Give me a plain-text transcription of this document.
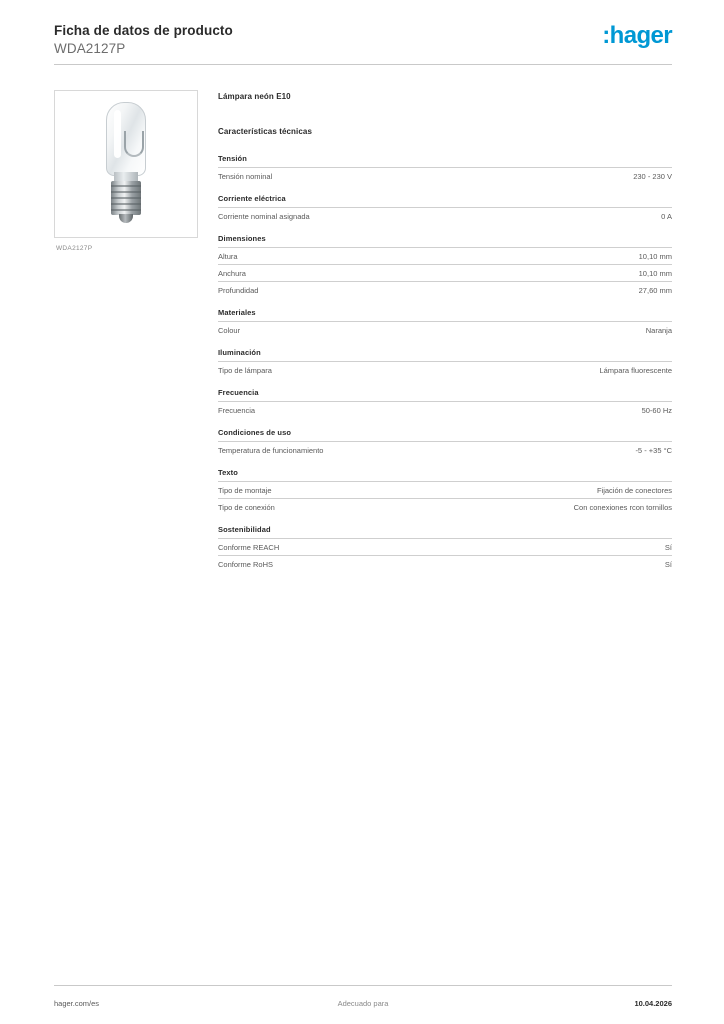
Ficha de datos de producto
WDA2127P	:hager
WDA2127P
Lámpara neón E10
Características técnicas
Tensión
Tensión nominal	230 - 230 V
Corriente eléctrica
Corriente nominal asignada	0 A
Dimensiones
Altura	10,10 mm
Anchura	10,10 mm
Profundidad	27,60 mm
Materiales
Colour	Naranja
Iluminación
Tipo de lámpara	Lámpara fluorescente
Frecuencia
Frecuencia	50-60 Hz
Condiciones de uso
Temperatura de funcionamiento	-5 - +35 °C
Texto
Tipo de montaje	Fijación de conectores
Tipo de conexión	Con conexiones rcon tornillos
Sostenibilidad
Conforme REACH	Sí
Conforme RoHS	Sí
hager.com/es	Adecuado para	10.04.2026
